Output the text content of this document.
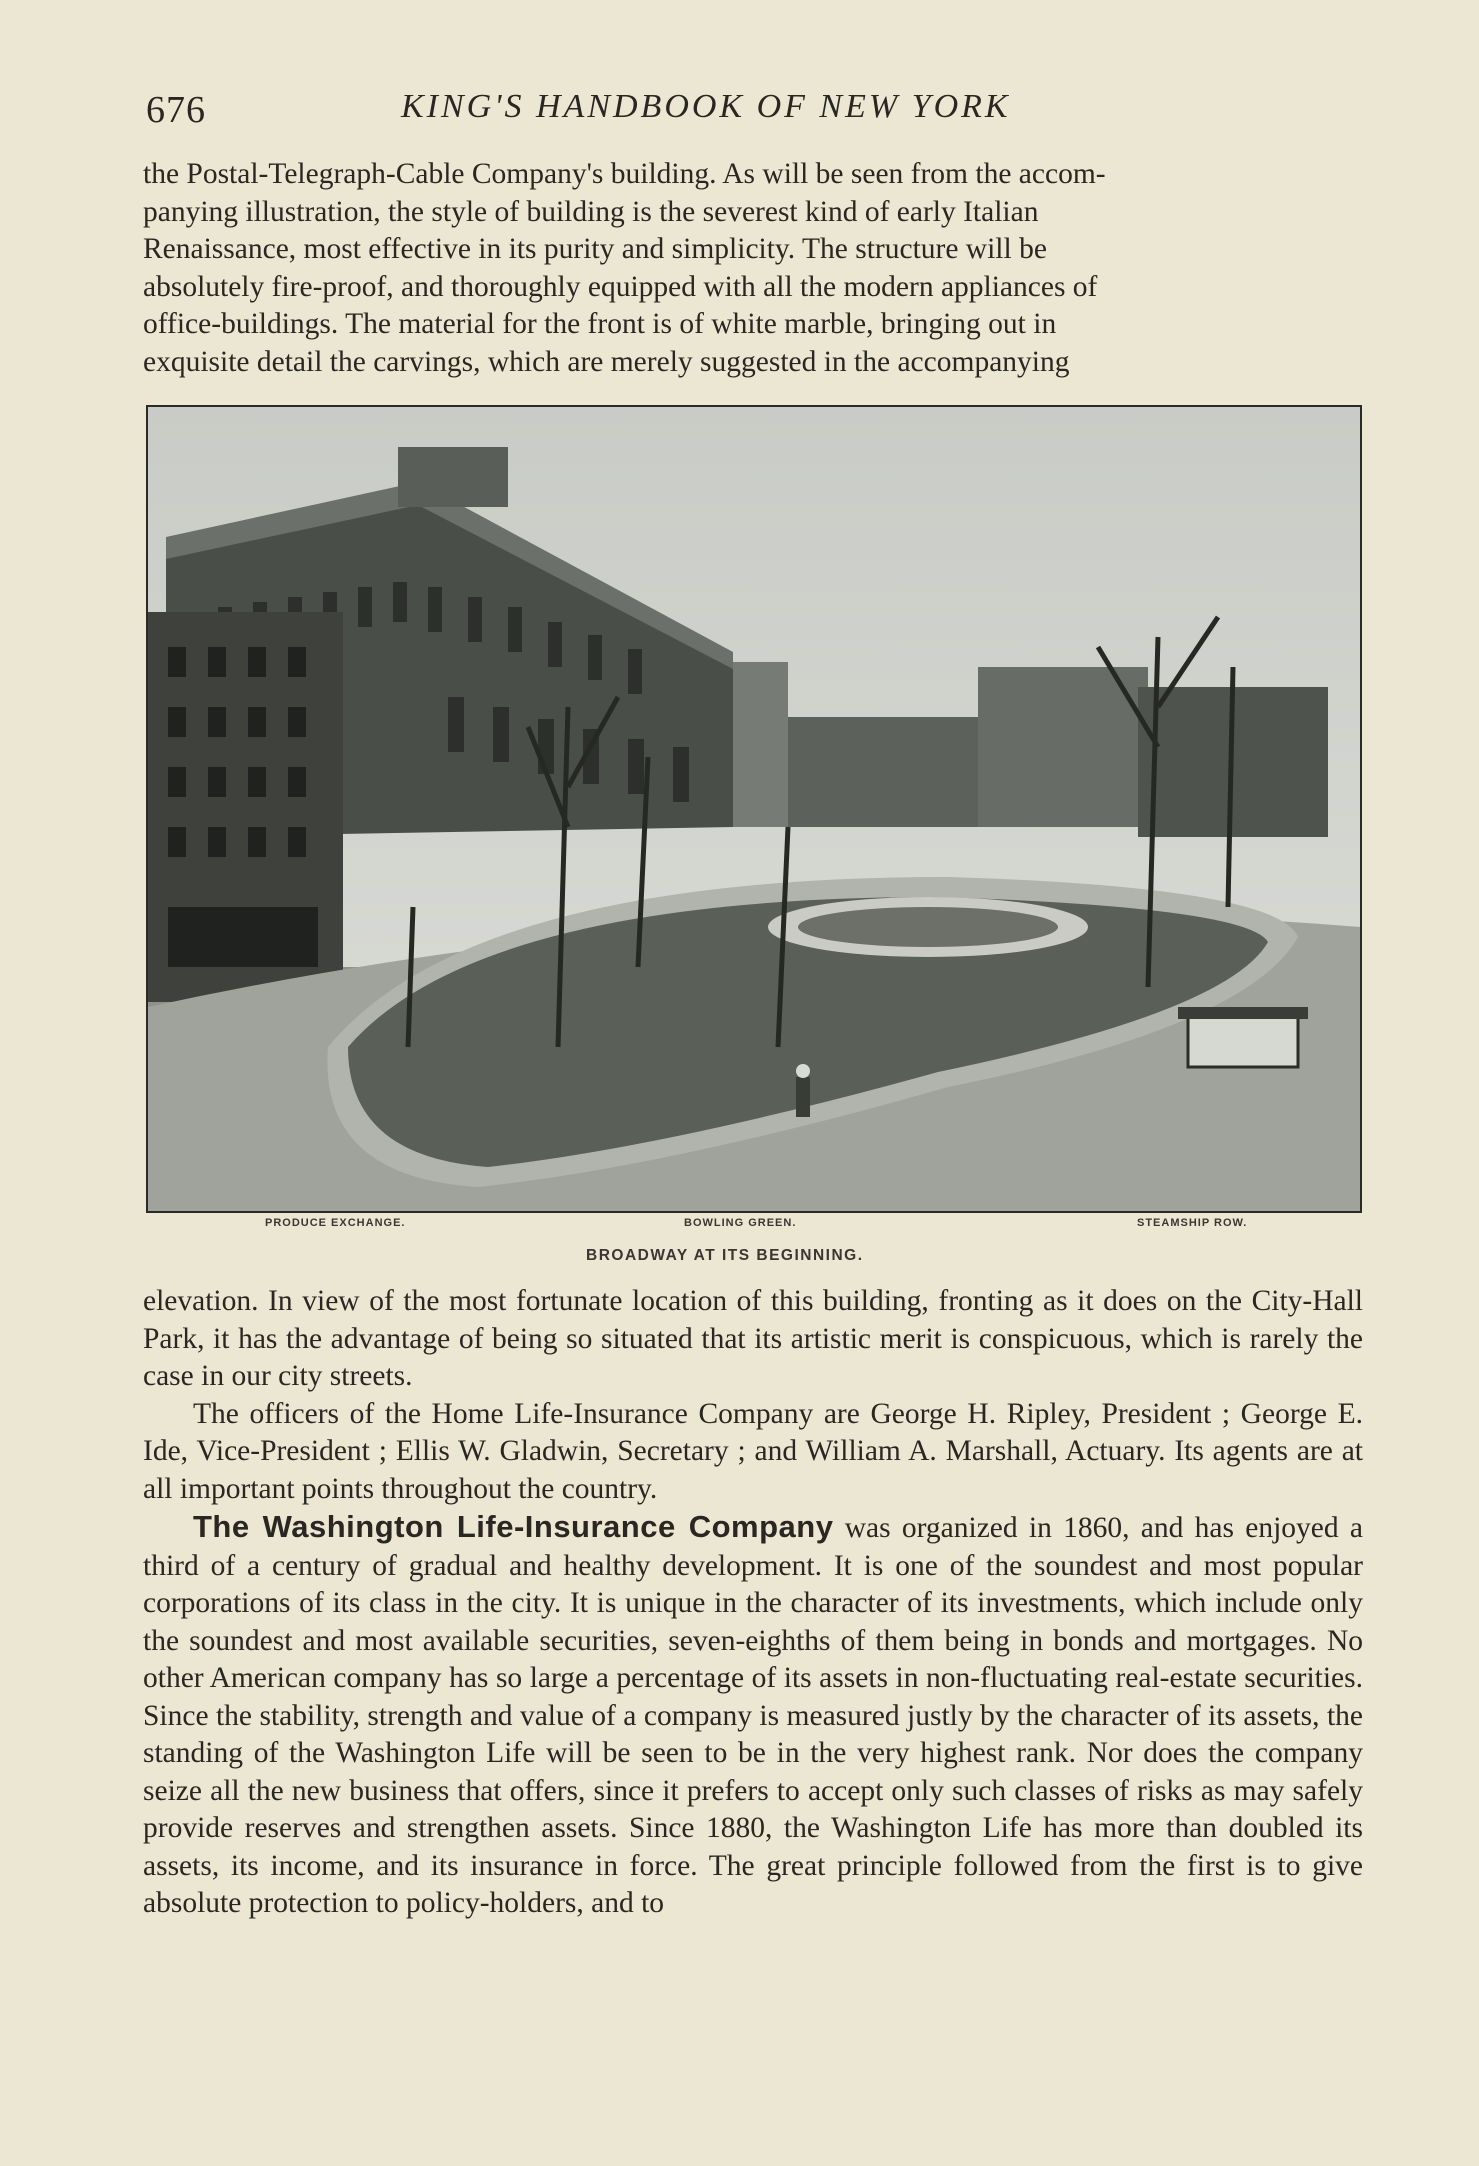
676	KING'S HANDBOOK OF NEW YORK

the Postal-Telegraph-Cable Company's building. As will be seen from the accom-

panying illustration, the style of building is the severest kind of early Italian

Renaissance, most effective in its purity and simplicity. The structure will be

absolutely fire-proof, and thoroughly equipped with all the modern appliances of

office-buildings. The material for the front is of white marble, bringing out in

exquisite detail the carvings, which are merely suggested in the accompanying

PRODUCE EXCHANGE.	BOWLING GREEN.	STEAMSHIP ROW.
BROADWAY AT ITS BEGINNING.

elevation. In view of the most fortunate location of this building, fronting as it does on the City-Hall Park, it has the advantage of being so situated that its artistic merit is conspicuous, which is rarely the case in our city streets.

The officers of the Home Life-Insurance Company are George H. Ripley, President ; George E. Ide, Vice-President ; Ellis W. Gladwin, Secretary ; and William A. Marshall, Actuary. Its agents are at all important points throughout the country.

The Washington Life-Insurance Company was organized in 1860, and has enjoyed a third of a century of gradual and healthy development. It is one of the soundest and most popular corporations of its class in the city. It is unique in the character of its investments, which include only the soundest and most available securities, seven-eighths of them being in bonds and mortgages. No other American company has so large a percentage of its assets in non-fluctuating real-estate securities. Since the stability, strength and value of a company is measured justly by the character of its assets, the standing of the Washington Life will be seen to be in the very highest rank. Nor does the company seize all the new business that offers, since it prefers to accept only such classes of risks as may safely provide reserves and strengthen assets. Since 1880, the Washington Life has more than doubled its assets, its income, and its insurance in force. The great principle followed from the first is to give absolute protection to policy-holders, and to
